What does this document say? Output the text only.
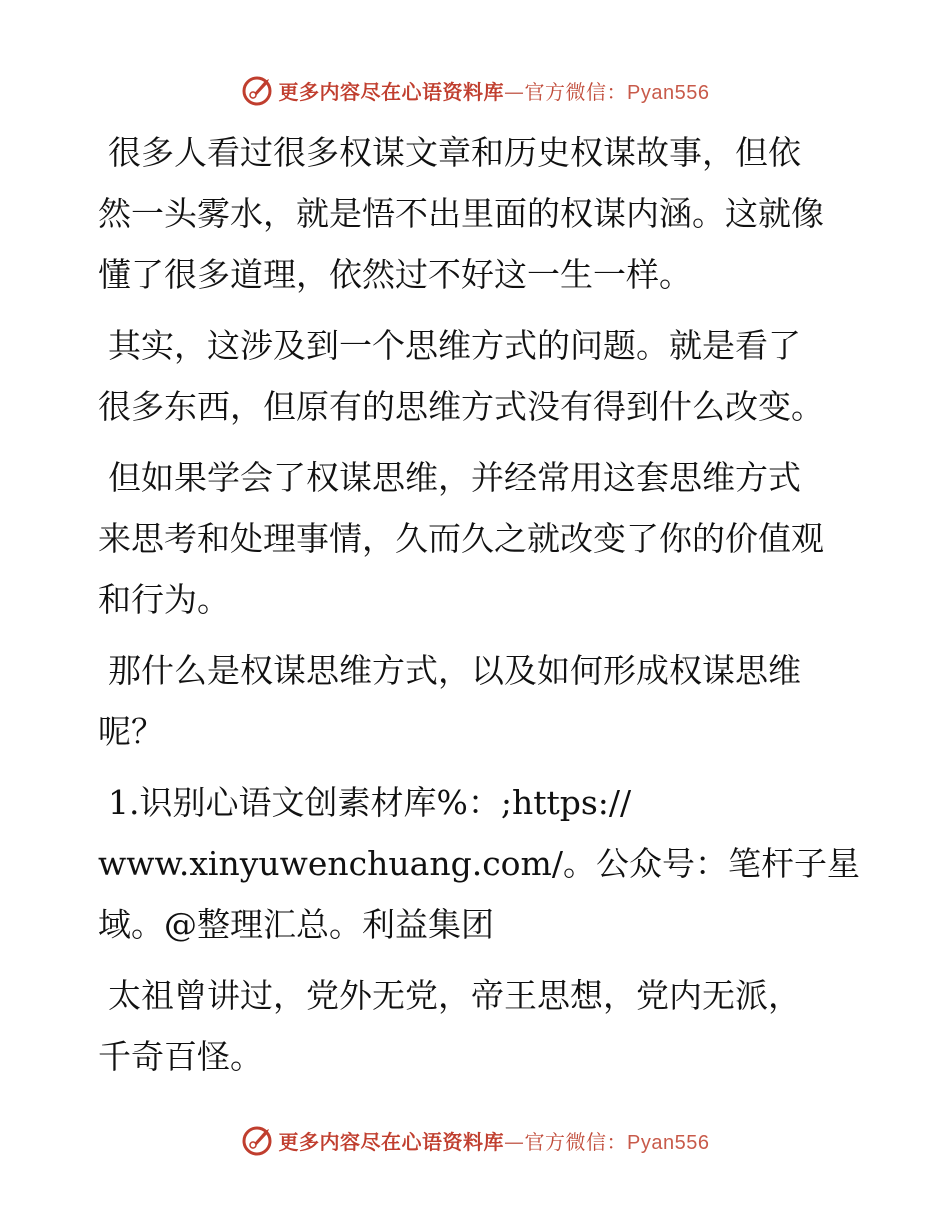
更多内容尽在心语资料库—官方微信：Pyan556
很多人看过很多权谋文章和历史权谋故事，但依
然一头雾水，就是悟不出里面的权谋内涵。这就像
懂了很多道理，依然过不好这一生一样。
其实，这涉及到一个思维方式的问题。就是看了
很多东西，但原有的思维方式没有得到什么改变。
但如果学会了权谋思维，并经常用这套思维方式
来思考和处理事情，久而久之就改变了你的价值观
和行为。
那什么是权谋思维方式，以及如何形成权谋思维
呢？
1.识别心语文创素材库%：;https://
www.xinyuwenchuang.com/。公众号：笔杆子星
域。@整理汇总。利益集团
太祖曾讲过，党外无党，帝王思想，党内无派，
千奇百怪。
更多内容尽在心语资料库—官方微信：Pyan556
